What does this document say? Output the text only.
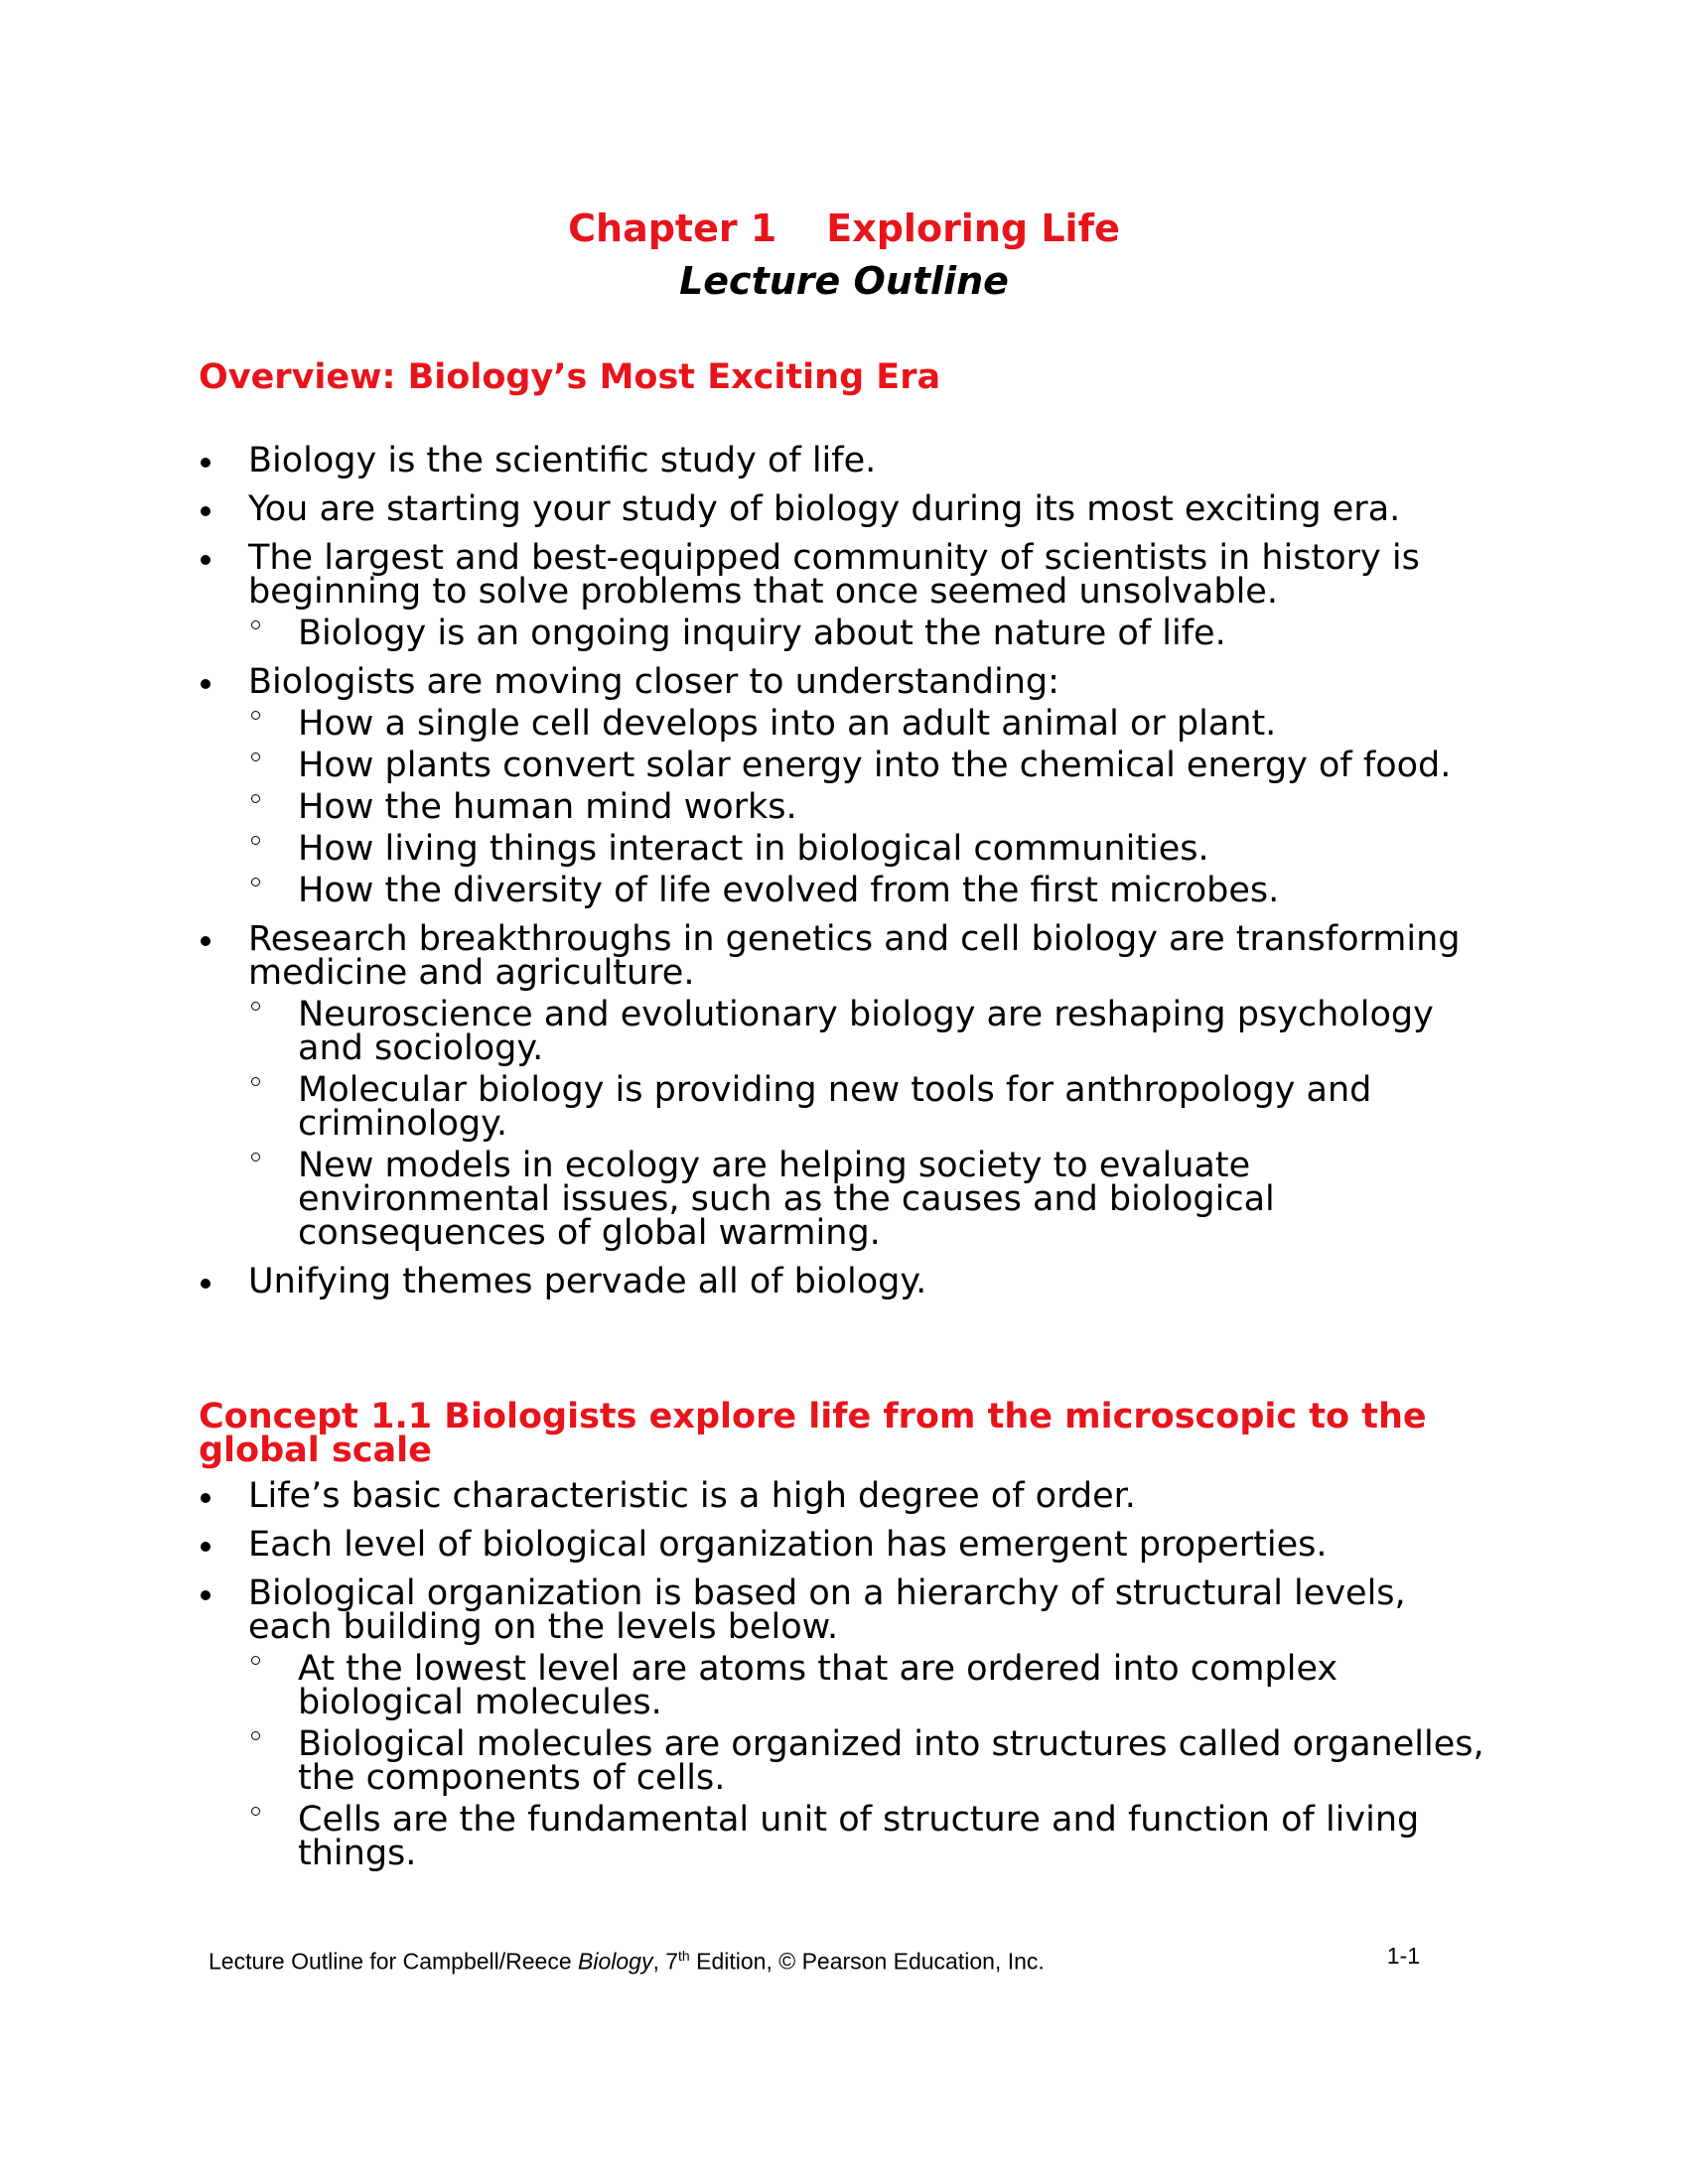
Chapter 1 Exploring Life
Lecture Outline
Overview: Biology’s Most Exciting Era
Biology is the scientific study of life.
You are starting your study of biology during its most exciting era.
The largest and best-equipped community of scientists in history is beginning to solve problems that once seemed unsolvable.
Biology is an ongoing inquiry about the nature of life.
Biologists are moving closer to understanding:
How a single cell develops into an adult animal or plant.
How plants convert solar energy into the chemical energy of food.
How the human mind works.
How living things interact in biological communities.
How the diversity of life evolved from the first microbes.
Research breakthroughs in genetics and cell biology are transforming medicine and agriculture.
Neuroscience and evolutionary biology are reshaping psychology and sociology.
Molecular biology is providing new tools for anthropology and criminology.
New models in ecology are helping society to evaluate environmental issues, such as the causes and biological consequences of global warming.
Unifying themes pervade all of biology.
Concept 1.1 Biologists explore life from the microscopic to the global scale
Life’s basic characteristic is a high degree of order.
Each level of biological organization has emergent properties.
Biological organization is based on a hierarchy of structural levels, each building on the levels below.
At the lowest level are atoms that are ordered into complex biological molecules.
Biological molecules are organized into structures called organelles, the components of cells.
Cells are the fundamental unit of structure and function of living things.
Lecture Outline for Campbell/Reece Biology, 7th Edition, © Pearson Education, Inc.	1-1
